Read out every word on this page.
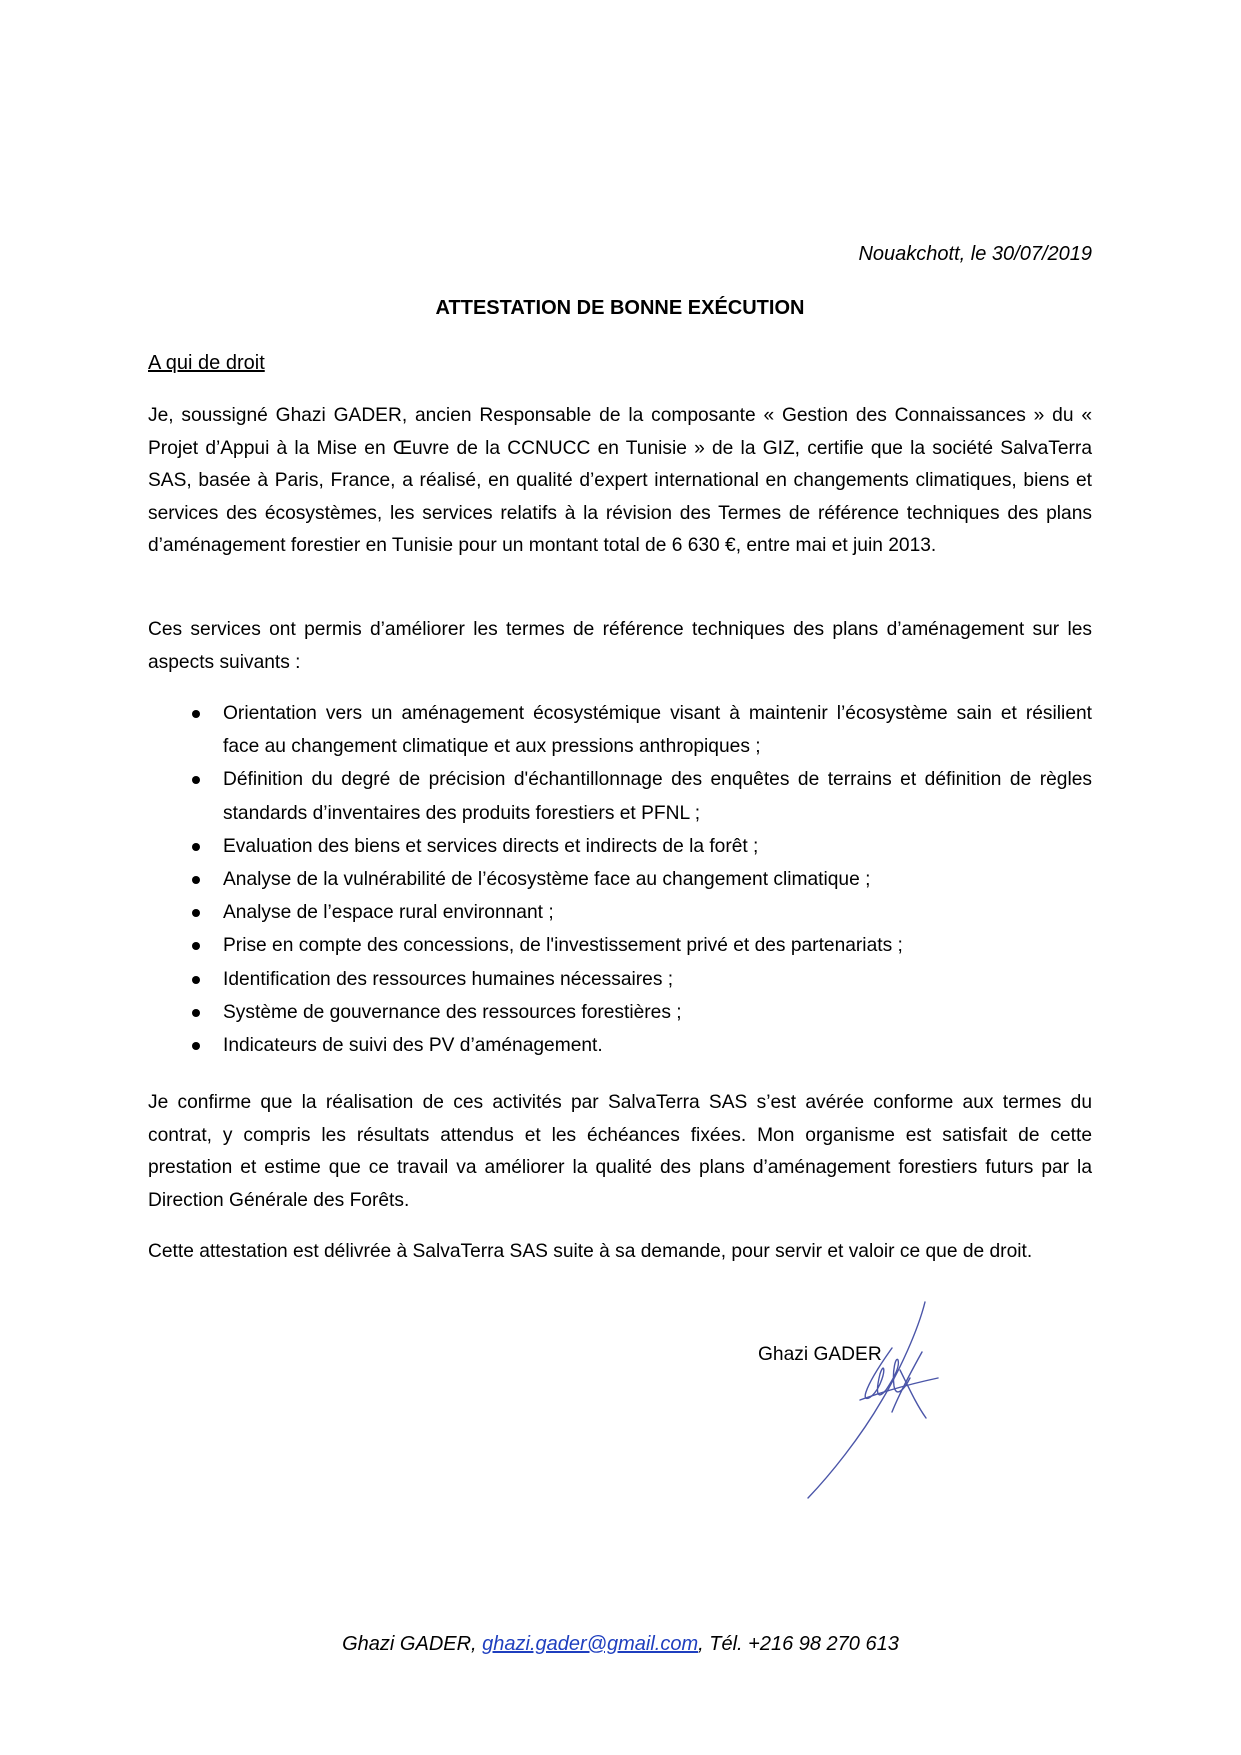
Nouakchott, le 30/07/2019
ATTESTATION DE BONNE EXÉCUTION
A qui de droit

Je, soussigné Ghazi GADER, ancien Responsable de la composante « Gestion des Connaissances » du « Projet d’Appui à la Mise en Œuvre de la CCNUCC en Tunisie » de la GIZ, certifie que la société SalvaTerra SAS, basée à Paris, France, a réalisé, en qualité d’expert international en changements climatiques, biens et services des écosystèmes, les services relatifs à la révision des Termes de référence techniques des plans d’aménagement forestier en Tunisie pour un montant total de 6 630 €, entre mai et juin 2013.

Ces services ont permis d’améliorer les termes de référence techniques des plans d’aménagement sur les aspects suivants :

Orientation vers un aménagement écosystémique visant à maintenir l’écosystème sain et résilient face au changement climatique et aux pressions anthropiques ;
Définition du degré de précision d'échantillonnage des enquêtes de terrains et définition de règles standards d’inventaires des produits forestiers et PFNL ;
Evaluation des biens et services directs et indirects de la forêt ;
Analyse de la vulnérabilité de l’écosystème face au changement climatique ;
Analyse de l’espace rural environnant ;
Prise en compte des concessions, de l'investissement privé et des partenariats ;
Identification des ressources humaines nécessaires ;
Système de gouvernance des ressources forestières ;
Indicateurs de suivi des PV d’aménagement.

Je confirme que la réalisation de ces activités par SalvaTerra SAS s’est avérée conforme aux termes du contrat, y compris les résultats attendus et les échéances fixées. Mon organisme est satisfait de cette prestation et estime que ce travail va améliorer la qualité des plans d’aménagement forestiers futurs par la Direction Générale des Forêts.

Cette attestation est délivrée à SalvaTerra SAS suite à sa demande, pour servir et valoir ce que de droit.

Ghazi GADER
Ghazi GADER, ghazi.gader@gmail.com, Tél. +216 98 270 613
